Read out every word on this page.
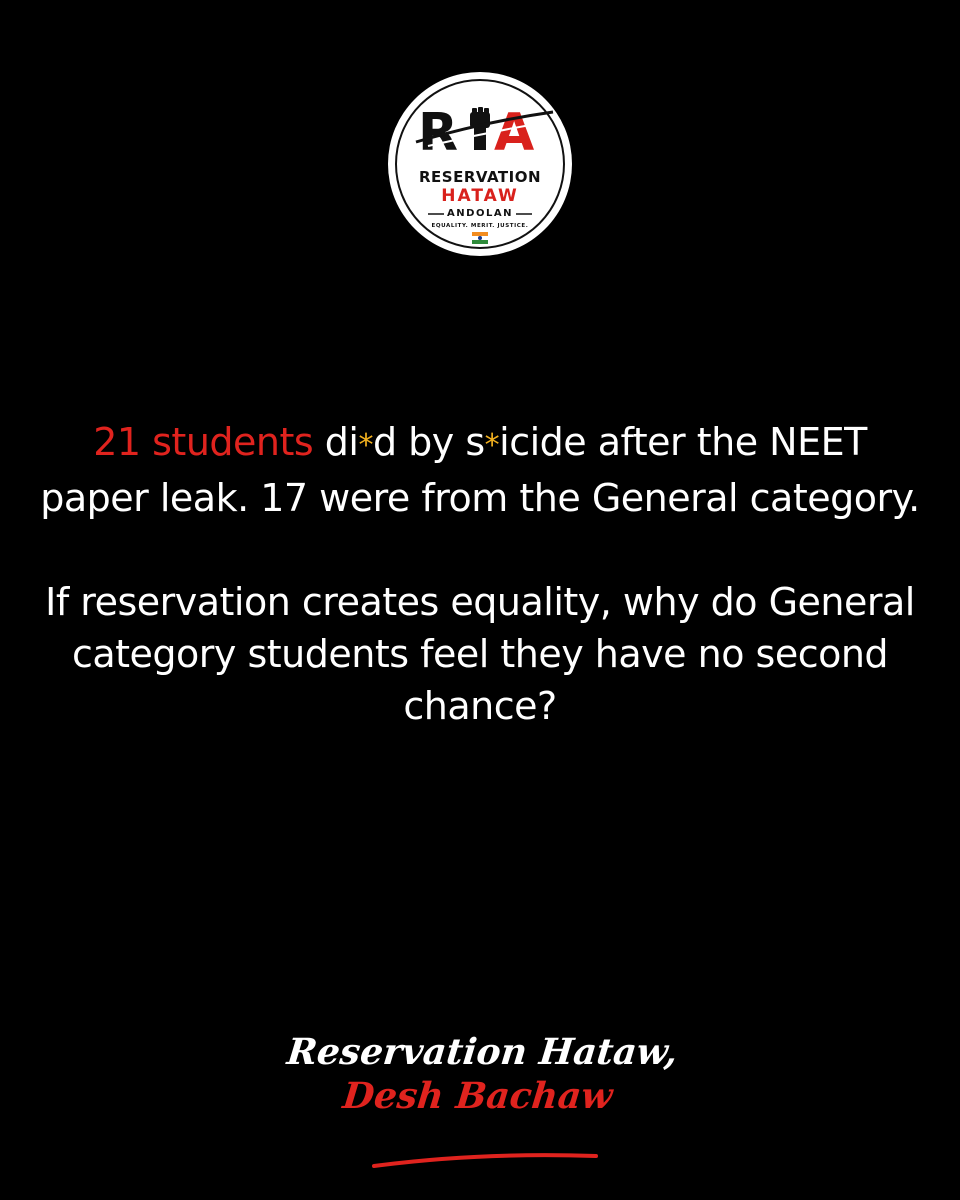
R A
RESERVATION
HATAW
ANDOLAN
EQUALITY. MERIT. JUSTICE.

21 students di*d by s*icide after the NEET paper leak. 17 were from the General category.

If reservation creates equality, why do General category students feel they have no second chance?

Reservation Hataw,
Desh Bachaw
